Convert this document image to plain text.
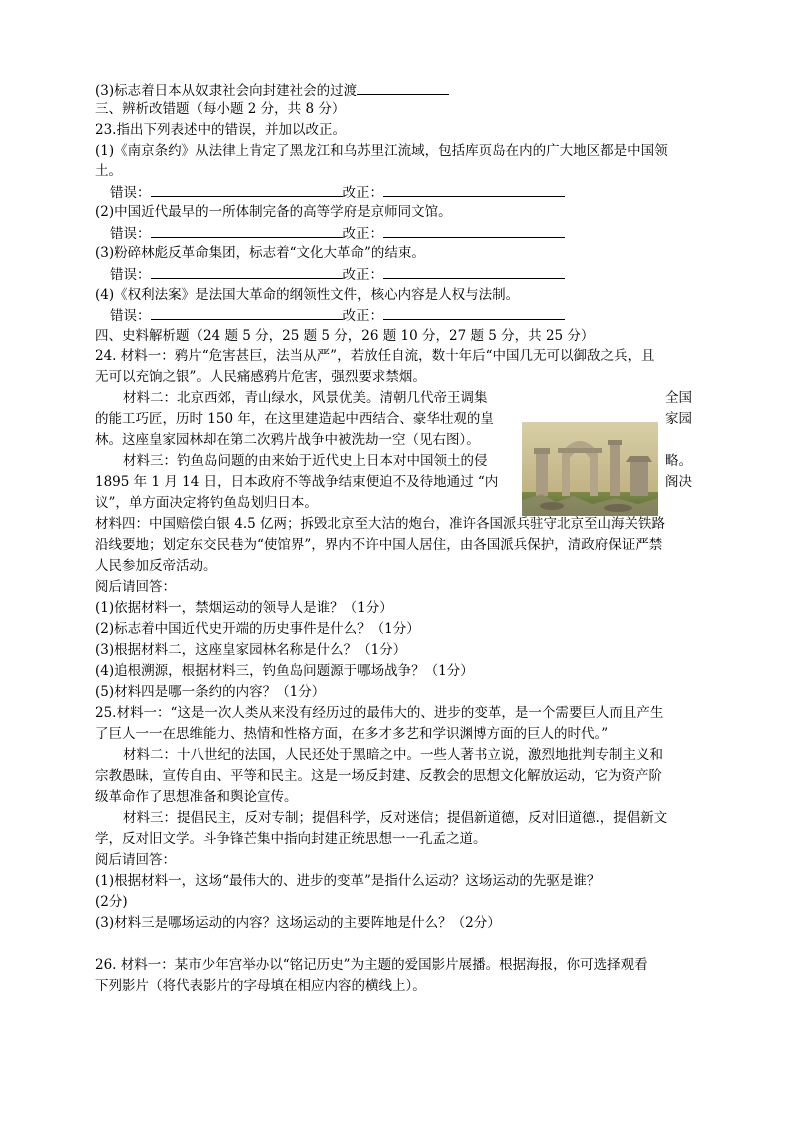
(3)标志着日本从奴隶社会向封建社会的过渡
三、辨析改错题（每小题 2 分，共 8 分）
23.指出下列表述中的错误，并加以改正。
(1)《南京条约》从法律上肯定了黑龙江和乌苏里江流域，包括库页岛在内的广大地区都是中国领
土。
错误：	改正：
(2)中国近代最早的一所体制完备的高等学府是京师同文馆。
错误：	改正：
(3)粉碎林彪反革命集团，标志着“文化大革命”的结束。
错误：	改正：
(4)《权利法案》是法国大革命的纲领性文件，核心内容是人权与法制。
错误：	改正：
四、史料解析题（24 题 5 分，25 题 5 分，26 题 10 分，27 题 5 分，共 25 分）
24. 材料一：鸦片“危害甚巨，法当从严”，若放任自流，数十年后“中国几无可以御敌之兵，且
无可以充饷之银”。人民痛感鸦片危害，强烈要求禁烟。
材料二：北京西郊，青山绿水，风景优美。清朝几代帝王调集	全国
的能工巧匠，历时 150 年，在这里建造起中西结合、豪华壮观的皇	家园
林。这座皇家园林却在第二次鸦片战争中被洗劫一空（见右图）。
材料三：钓鱼岛问题的由来始于近代史上日本对中国领土的侵	略。
1895 年 1 月 14 日，日本政府不等战争结束便迫不及待地通过 “内	阁决
议”，单方面决定将钓鱼岛划归日本。
材料四：中国赔偿白银 4.5 亿两；拆毁北京至大沽的炮台，准许各国派兵驻守北京至山海关铁路
沿线要地；划定东交民巷为“使馆界”，界内不许中国人居住，由各国派兵保护，清政府保证严禁
人民参加反帝活动。
阅后请回答：
(1)依据材料一，禁烟运动的领导人是谁？（1分）
(2)标志着中国近代史开端的历史事件是什么？（1分）
(3)根据材料二，这座皇家园林名称是什么？（1分）
(4)追根溯源，根据材料三，钓鱼岛问题源于哪场战争？（1分）
(5)材料四是哪一条约的内容？（1分）
25.材料一：“这是一次人类从来没有经历过的最伟大的、进步的变革，是一个需要巨人而且产生
了巨人一一在思维能力、热情和性格方面，在多才多艺和学识渊博方面的巨人的时代。”
材料二：十八世纪的法国，人民还处于黑暗之中。一些人著书立说，激烈地批判专制主义和
宗教愚昧，宣传自由、平等和民主。这是一场反封建、反教会的思想文化解放运动，它为资产阶
级革命作了思想准备和舆论宣传。
材料三：提倡民主，反对专制；提倡科学，反对迷信；提倡新道德，反对旧道德.，提倡新文
学，反对旧文学。斗争锋芒集中指向封建正统思想一一孔孟之道。
阅后请回答：
(1)根据材料一，这场“最伟大的、进步的变革”是指什么运动？这场运动的先驱是谁？
(2分)
(3)材料三是哪场运动的内容？这场运动的主要阵地是什么？（2分）
26. 材料一：某市少年宫举办以“铭记历史”为主题的爱国影片展播。根据海报，你可选择观看
下列影片（将代表影片的字母填在相应内容的横线上）。
